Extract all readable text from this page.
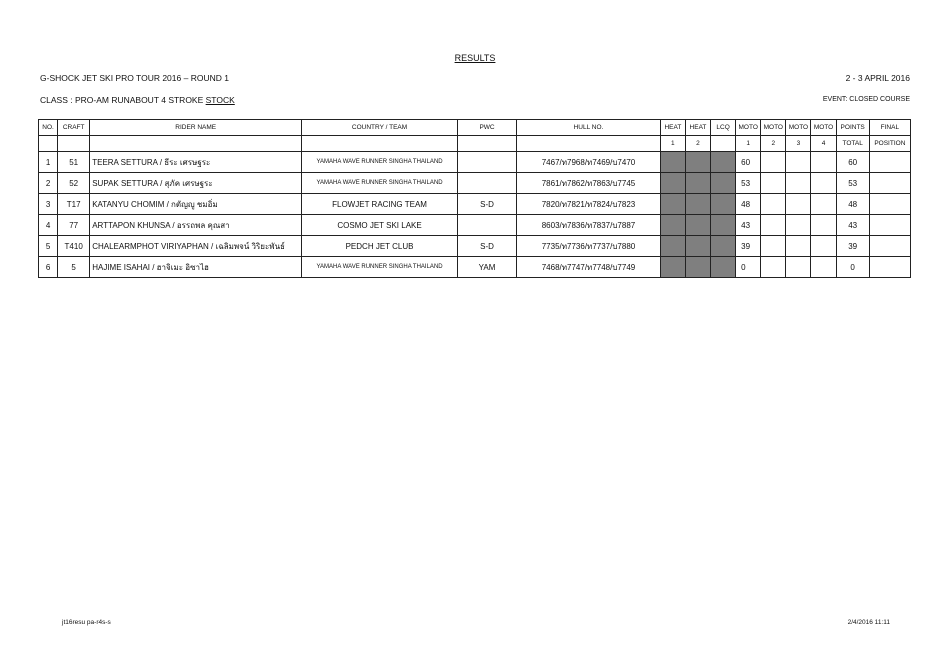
RESULTS
G-SHOCK JET SKI PRO TOUR 2016 – ROUND 1	2 - 3 APRIL 2016
CLASS : PRO-AM RUNABOUT 4 STROKE STOCK	EVENT: CLOSED COURSE
NO.	CRAFT	RIDER NAME	COUNTRY / TEAM	PWC	HULL NO.	HEAT	HEAT	LCQ	MOTO	MOTO	MOTO	MOTO	POINTS	FINAL
						1	2		1	2	3	4	TOTAL	POSITION
1	51	TEERA SETTURA / ธีระ เศรษฐระ	YAMAHA WAVE RUNNER SINGHA THAILAND		7467/ท7968/ท7469/บ7470				60				60	
2	52	SUPAK SETTURA / สุภัค เศรษฐระ	YAMAHA WAVE RUNNER SINGHA THAILAND		7861/ท7862/ท7863/บ7745				53				53	
3	T17	KATANYU CHOMIM / กตัญญู ชมอิ่ม	FLOWJET RACING TEAM	S-D	7820/ท7821/ท7824/บ7823				48				48	
4	77	ARTTAPON KHUNSA / อรรถพล คุณสา	COSMO JET SKI LAKE		8603/ท7836/ท7837/บ7887				43				43	
5	T410	CHALEARMPHOT VIRIYAPHAN / เฉลิมพจน์ วิริยะพันธ์	PEDCH JET CLUB	S-D	7735/ท7736/ท7737/บ7880				39				39	
6	5	HAJIME ISAHAI / ฮาจิเมะ อิซาไฮ	YAMAHA WAVE RUNNER SINGHA THAILAND	YAM	7468/ท7747/ท7748/บ7749				0				0	
jt16resu pa-r4s-s	2/4/2016 11:11
